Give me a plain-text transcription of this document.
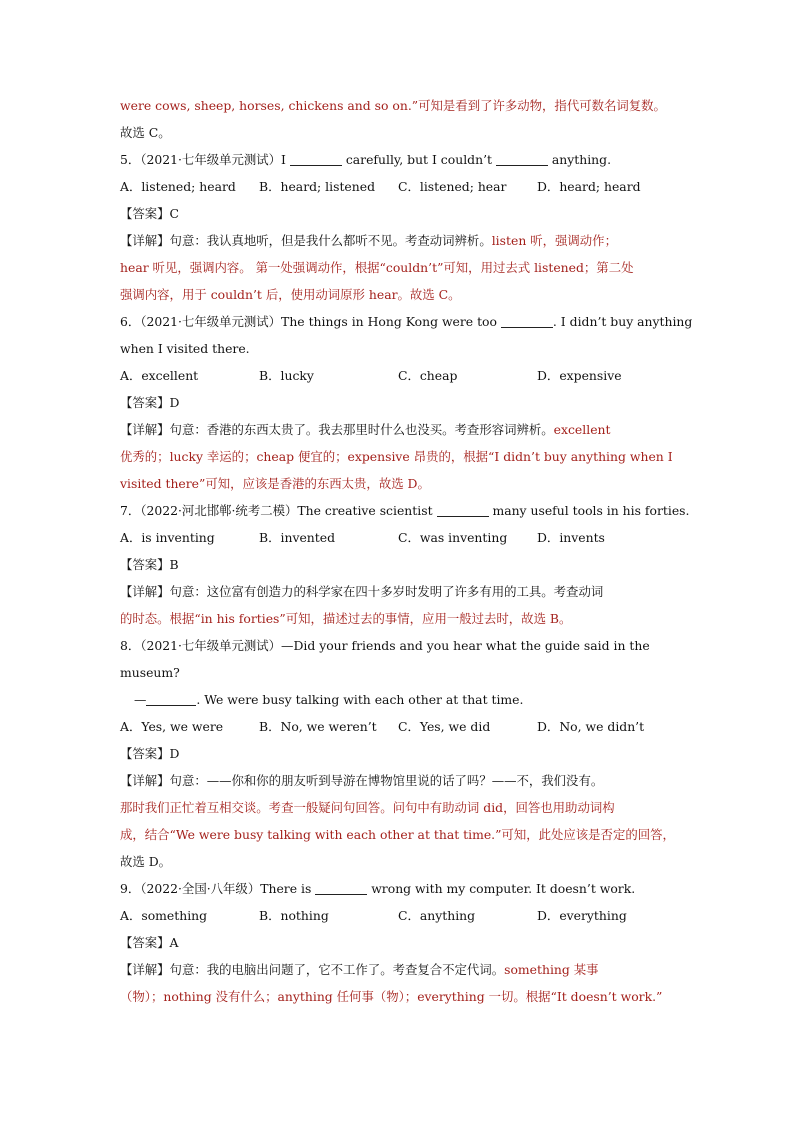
were cows, sheep, horses, chickens and so on.”可知是看到了许多动物，指代可数名词复数。
故选 C。
5．（2021·七年级单元测试）I	carefully, but I couldn’t	anything.
A．listened; heard	B．heard; listened	C．listened; hear	D．heard; heard
【答案】C
【详解】句意：我认真地听，但是我什么都听不见。考查动词辨析。listen 听，强调动作；
hear 听见，强调内容。 第一处强调动作，根据“couldn’t”可知，用过去式 listened；第二处
强调内容，用于 couldn’t 后，使用动词原形 hear。故选 C。
6．（2021·七年级单元测试）The things in Hong Kong were too	. I didn’t buy anything
when I visited there.
A．excellent	B．lucky	C．cheap	D．expensive
【答案】D
【详解】句意：香港的东西太贵了。我去那里时什么也没买。考查形容词辨析。excellent
优秀的；lucky 幸运的；cheap 便宜的；expensive 昂贵的，根据“I didn’t buy anything when I
visited there”可知，应该是香港的东西太贵，故选 D。
7．（2022·河北邯郸·统考二模）The creative scientist	many useful tools in his forties.
A．is inventing	B．invented	C．was inventing	D．invents
【答案】B
【详解】句意：这位富有创造力的科学家在四十多岁时发明了许多有用的工具。考查动词
的时态。根据“in his forties”可知，描述过去的事情，应用一般过去时，故选 B。
8．（2021·七年级单元测试）—Did your friends and you hear what the guide said in the
museum?
—	. We were busy talking with each other at that time.
A．Yes, we were	B．No, we weren’t	C．Yes, we did	D．No, we didn’t
【答案】D
【详解】句意：——你和你的朋友听到导游在博物馆里说的话了吗？——不，我们没有。
那时我们正忙着互相交谈。考查一般疑问句回答。问句中有助动词 did，回答也用助动词构
成，结合“We were busy talking with each other at that time.”可知，此处应该是否定的回答，
故选 D。
9．（2022·全国·八年级）There is	wrong with my computer. It doesn’t work.
A．something	B．nothing	C．anything	D．everything
【答案】A
【详解】句意：我的电脑出问题了，它不工作了。考查复合不定代词。something 某事
（物）；nothing 没有什么；anything 任何事（物）；everything 一切。根据“It doesn’t work.”
